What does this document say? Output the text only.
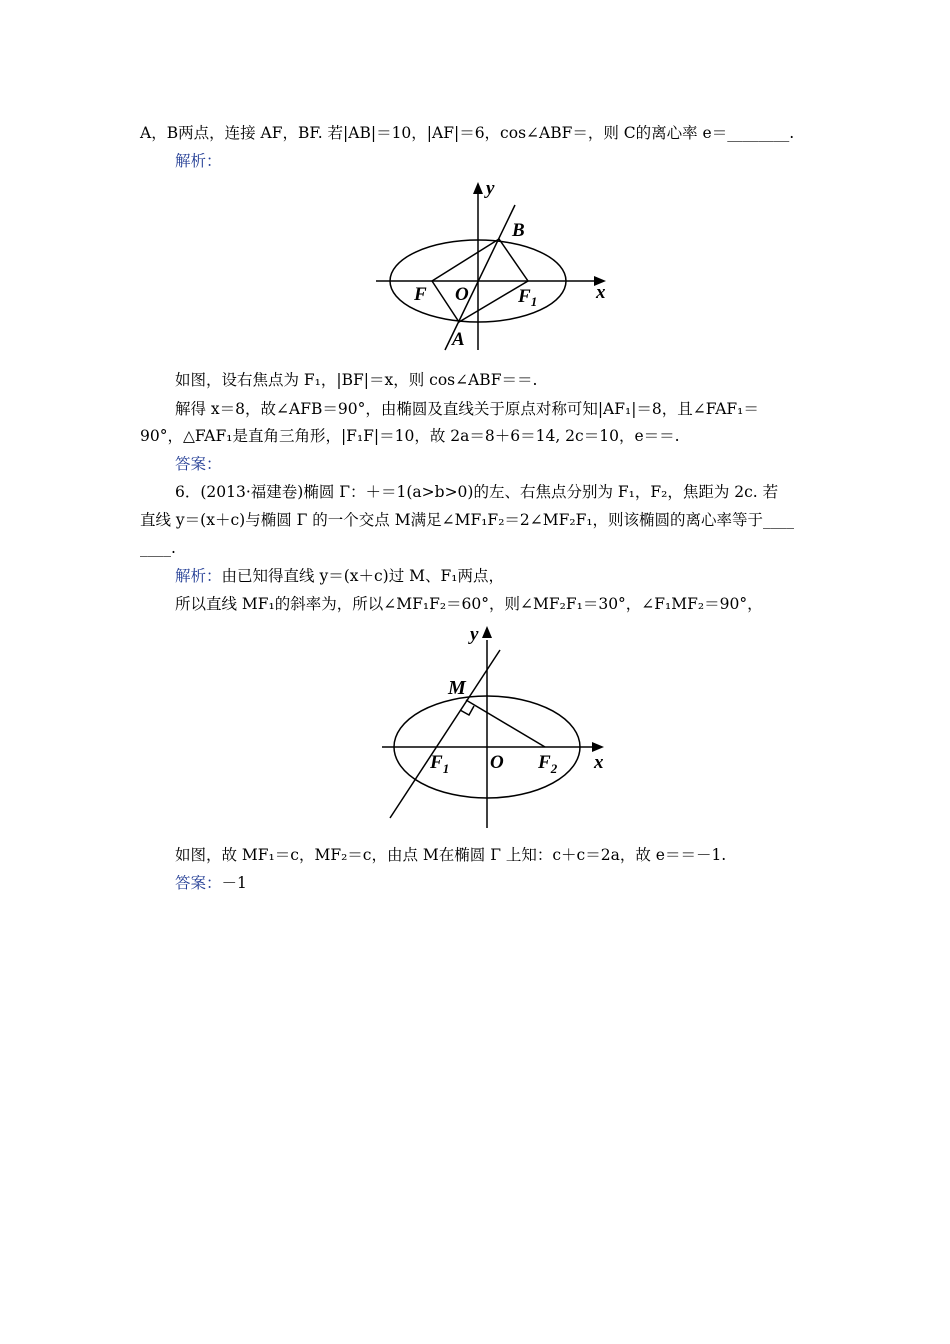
A，B两点，连接 AF，BF. 若|AB|＝10，|AF|＝6，cos∠ABF＝，则 C的离心率 e＝________.
解析：
y
B
F O	$F_1$	x
A
如图，设右焦点为 F₁，|BF|＝x，则 cos∠ABF＝＝.
解得 x＝8，故∠AFB＝90°，由椭圆及直线关于原点对称可知|AF₁|＝8，且∠FAF₁＝
90°，△FAF₁是直角三角形，|F₁F|＝10，故 2a＝8＋6＝14, 2c＝10，e＝＝.
答案：
6．(2013·福建卷)椭圆 Γ：＋＝1(a>b>0)的左、右焦点分别为 F₁，F₂，焦距为 2c. 若
直线 y＝(x＋c)与椭圆 Γ 的一个交点 M满足∠MF₁F₂＝2∠MF₂F₁，则该椭圆的离心率等于____
____.
解析：由已知得直线 y＝(x＋c)过 M、F₁两点，
所以直线 MF₁的斜率为，所以∠MF₁F₂＝60°，则∠MF₂F₁＝30°，∠F₁MF₂＝90°，
y
M
$F_1$ O $F_2$ x
如图，故 MF₁＝c，MF₂＝c，由点 M在椭圆 Γ 上知：c＋c＝2a，故 e＝＝－1.
答案：－1
